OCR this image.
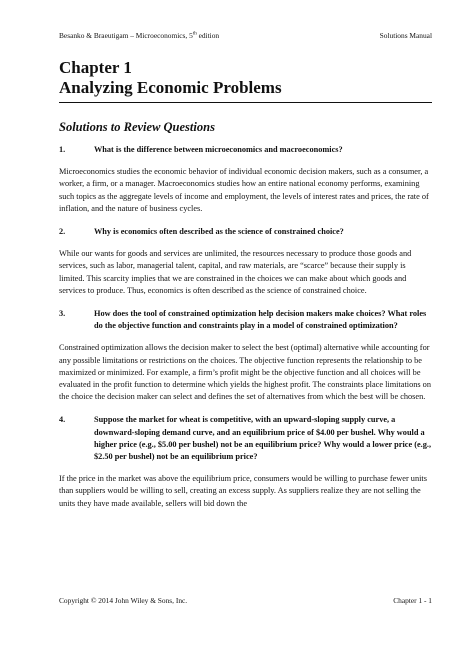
Besanko & Braeutigam – Microeconomics, 5th edition	Solutions Manual
Chapter 1
Analyzing Economic Problems
Solutions to Review Questions
1.	What is the difference between microeconomics and macroeconomics?

Microeconomics studies the economic behavior of individual economic decision makers, such as a consumer, a worker, a firm, or a manager. Macroeconomics studies how an entire national economy performs, examining such topics as the aggregate levels of income and employment, the levels of interest rates and prices, the rate of inflation, and the nature of business cycles.

2.	Why is economics often described as the science of constrained choice?

While our wants for goods and services are unlimited, the resources necessary to produce those goods and services, such as labor, managerial talent, capital, and raw materials, are “scarce” because their supply is limited. This scarcity implies that we are constrained in the choices we can make about which goods and services to produce. Thus, economics is often described as the science of constrained choice.

3.	How does the tool of constrained optimization help decision makers make choices? What roles do the objective function and constraints play in a model of constrained optimization?

Constrained optimization allows the decision maker to select the best (optimal) alternative while accounting for any possible limitations or restrictions on the choices. The objective function represents the relationship to be maximized or minimized. For example, a firm’s profit might be the objective function and all choices will be evaluated in the profit function to determine which yields the highest profit. The constraints place limitations on the choice the decision maker can select and defines the set of alternatives from which the best will be chosen.

4.	Suppose the market for wheat is competitive, with an upward-sloping supply curve, a downward-sloping demand curve, and an equilibrium price of $4.00 per bushel. Why would a higher price (e.g., $5.00 per bushel) not be an equilibrium price? Why would a lower price (e.g., $2.50 per bushel) not be an equilibrium price?

If the price in the market was above the equilibrium price, consumers would be willing to purchase fewer units than suppliers would be willing to sell, creating an excess supply. As suppliers realize they are not selling the units they have made available, sellers will bid down the

Copyright © 2014 John Wiley & Sons, Inc.	Chapter 1 - 1
